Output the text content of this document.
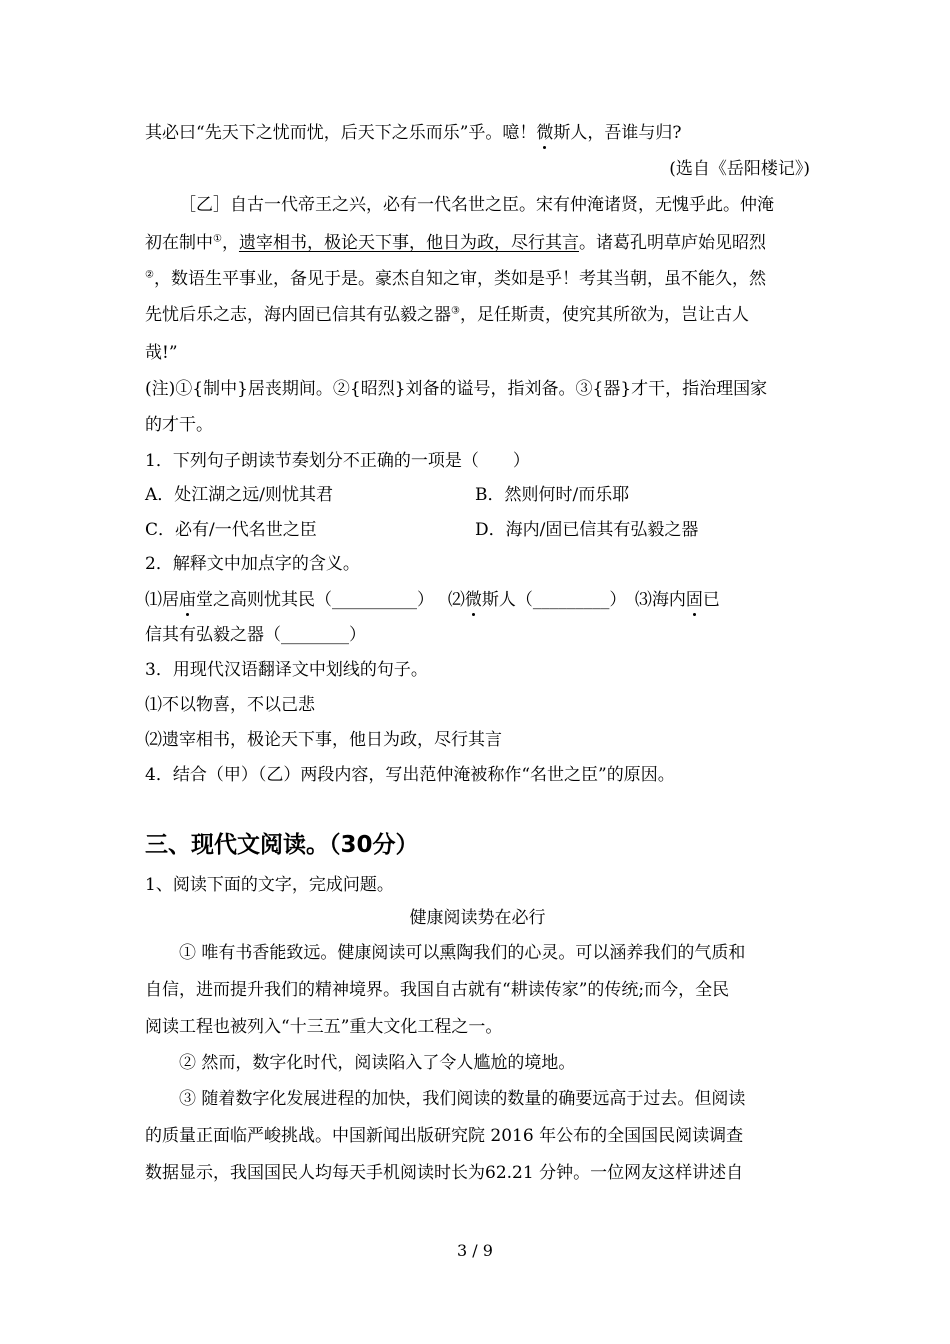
其必曰“先天下之忧而忧，后天下之乐而乐”乎。噫！微斯人，吾谁与归?
(选自《岳阳楼记》)
［乙］自古一代帝王之兴，必有一代名世之臣。宋有仲淹诸贤，无愧乎此。仲淹
初在制中①，遗宰相书，极论天下事，他日为政，尽行其言。诸葛孔明草庐始见昭烈
②，数语生平事业，备见于是。豪杰自知之审，类如是乎！考其当朝，虽不能久，然
先忧后乐之志，海内固已信其有弘毅之器③，足任斯责，使究其所欲为，岂让古人
哉!”
(注)①{制中}居丧期间。②{昭烈}刘备的谥号，指刘备。③{器}才干，指治理国家
的才干。
1．下列句子朗读节奏划分不正确的一项是（　　）
A．处江湖之远/则忧其君	B．然则何时/而乐耶
C．必有/一代名世之臣	D．海内/固已信其有弘毅之器
2．解释文中加点字的含义。
⑴居庙堂之高则忧其民（__________）　 ⑵微斯人（_________）　⑶海内固已
信其有弘毅之器（________）
3．用现代汉语翻译文中划线的句子。
⑴不以物喜，不以己悲
⑵遗宰相书，极论天下事，他日为政，尽行其言
4．结合（甲）（乙）两段内容，写出范仲淹被称作“名世之臣”的原因。
三、现代文阅读。（30分）
1、阅读下面的文字，完成问题。
健康阅读势在必行
① 唯有书香能致远。健康阅读可以熏陶我们的心灵。可以涵养我们的气质和
自信，进而提升我们的精神境界。我国自古就有“耕读传家”的传统;而今，全民
阅读工程也被列入“十三五”重大文化工程之一。
② 然而，数字化时代，阅读陷入了令人尴尬的境地。
③ 随着数字化发展进程的加快，我们阅读的数量的确要远高于过去。但阅读
的质量正面临严峻挑战。中国新闻出版研究院 2016 年公布的全国国民阅读调查
数据显示，我国国民人均每天手机阅读时长为62.21 分钟。一位网友这样讲述自
3 / 9
